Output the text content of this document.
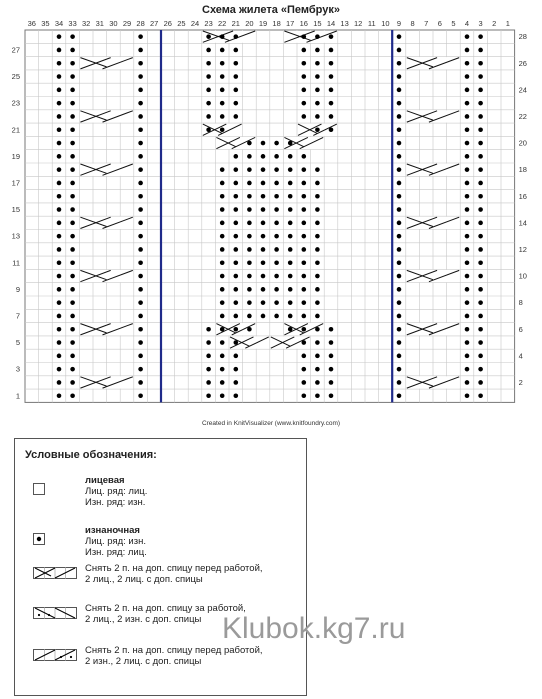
Схема жилета «Пембрук»
36 35 34 33 32 31 30 29 28 27 26 25 24 23 22 21 20 19 18 17 16 15 14 13 12 11 10 9 8 7 6 5 4 3 2 1
27
25
23
21
19
17
15
13
11
9
7
5
3
1
28
26
24
22
20
18
16
14
12
10
8
6
4
2
Created in KnitVisualizer (www.knitfoundry.com)
Условные обозначения:
лицевая
Лиц. ряд: лиц.
Изн. ряд: изн.
изнаночная
Лиц. ряд: изн.
Изн. ряд: лиц.
Снять 2 п. на доп. спицу перед работой,
2 лиц., 2 лиц. с доп. спицы
Снять 2 п. на доп. спицу за работой,
2 лиц., 2 изн. с доп. спицы
Снять 2 п. на доп. спицу перед работой,
2 изн., 2 лиц. с доп. спицы
Klubok.kg7.ru
